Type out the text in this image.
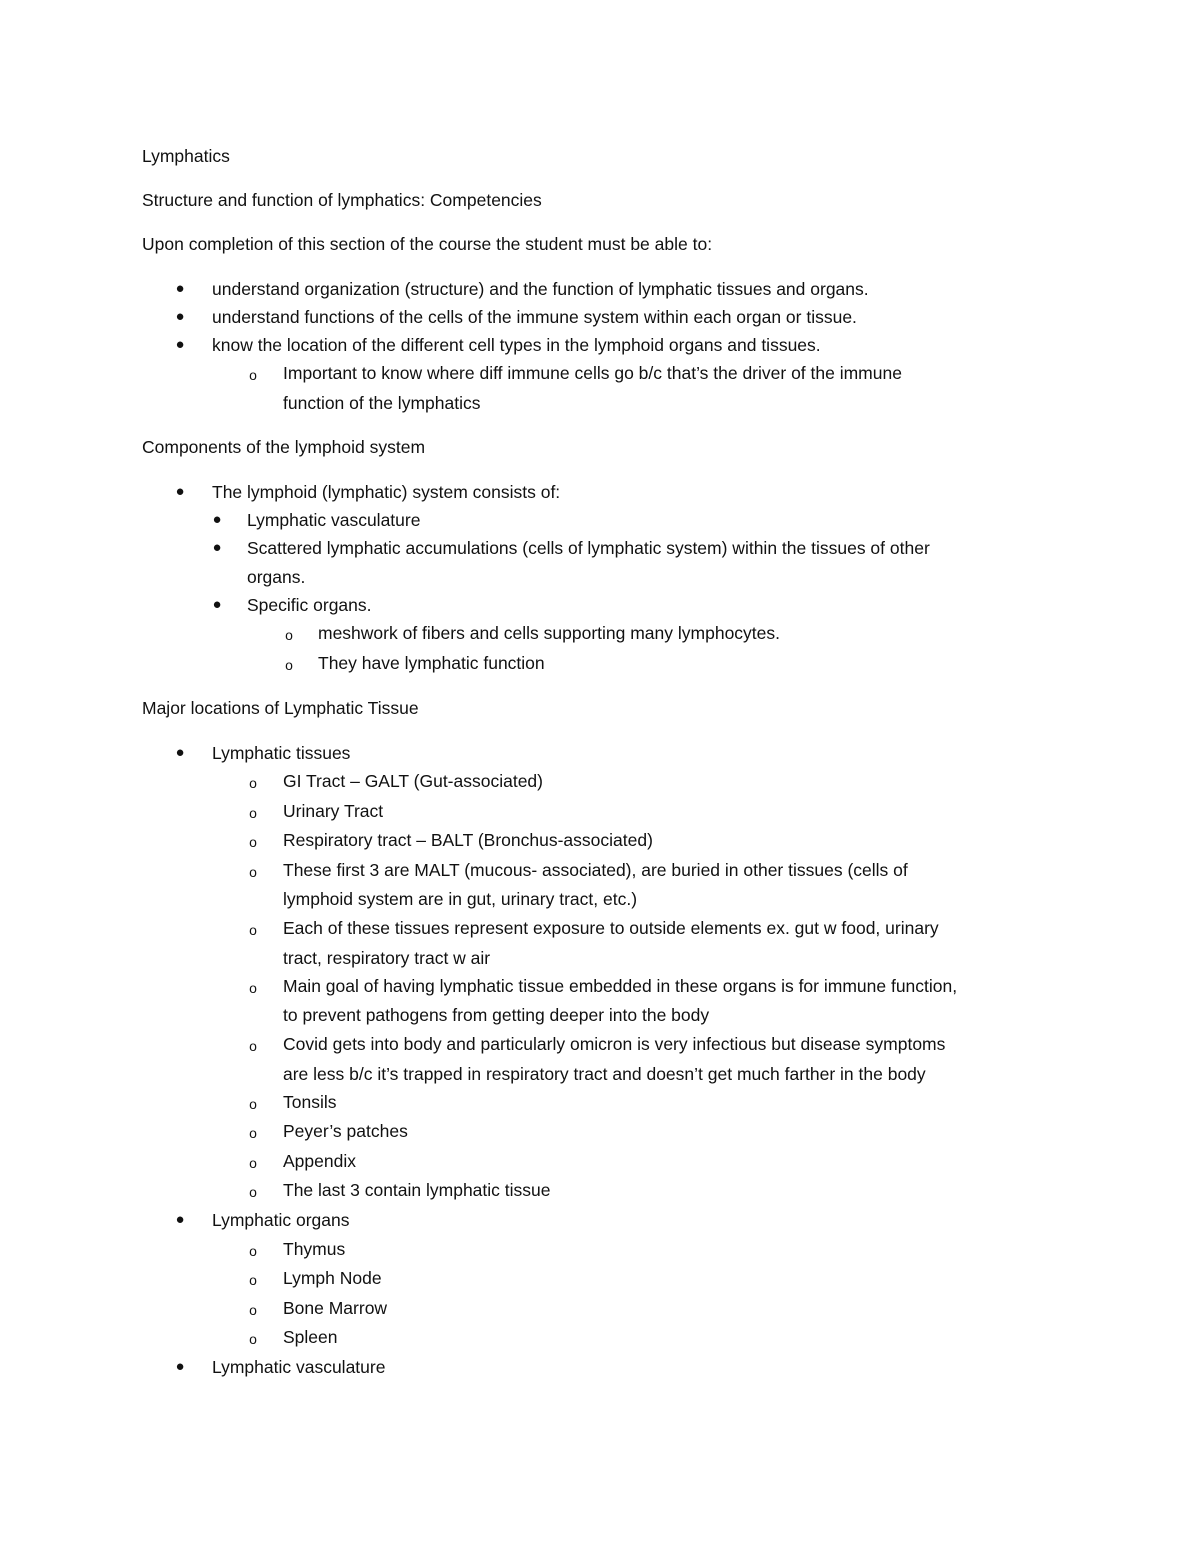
Lymphatics
Structure and function of lymphatics: Competencies
Upon completion of this section of the course the student must be able to:
● understand organization (structure) and the function of lymphatic tissues and organs.
● understand functions of the cells of the immune system within each organ or tissue.
● know the location of the different cell types in the lymphoid organs and tissues.
o Important to know where diff immune cells go b/c that’s the driver of the immune
function of the lymphatics
Components of the lymphoid system
● The lymphoid (lymphatic) system consists of:
● Lymphatic vasculature
● Scattered lymphatic accumulations (cells of lymphatic system) within the tissues of other
organs.
● Specific organs.
o meshwork of fibers and cells supporting many lymphocytes.
o They have lymphatic function
Major locations of Lymphatic Tissue
● Lymphatic tissues
o GI Tract – GALT (Gut-associated)
o Urinary Tract
o Respiratory tract – BALT (Bronchus-associated)
o These first 3 are MALT (mucous- associated), are buried in other tissues (cells of
lymphoid system are in gut, urinary tract, etc.)
o Each of these tissues represent exposure to outside elements ex. gut w food, urinary
tract, respiratory tract w air
o Main goal of having lymphatic tissue embedded in these organs is for immune function,
to prevent pathogens from getting deeper into the body
o Covid gets into body and particularly omicron is very infectious but disease symptoms
are less b/c it’s trapped in respiratory tract and doesn’t get much farther in the body
o Tonsils
o Peyer’s patches
o Appendix
o The last 3 contain lymphatic tissue
● Lymphatic organs
o Thymus
o Lymph Node
o Bone Marrow
o Spleen
● Lymphatic vasculature
